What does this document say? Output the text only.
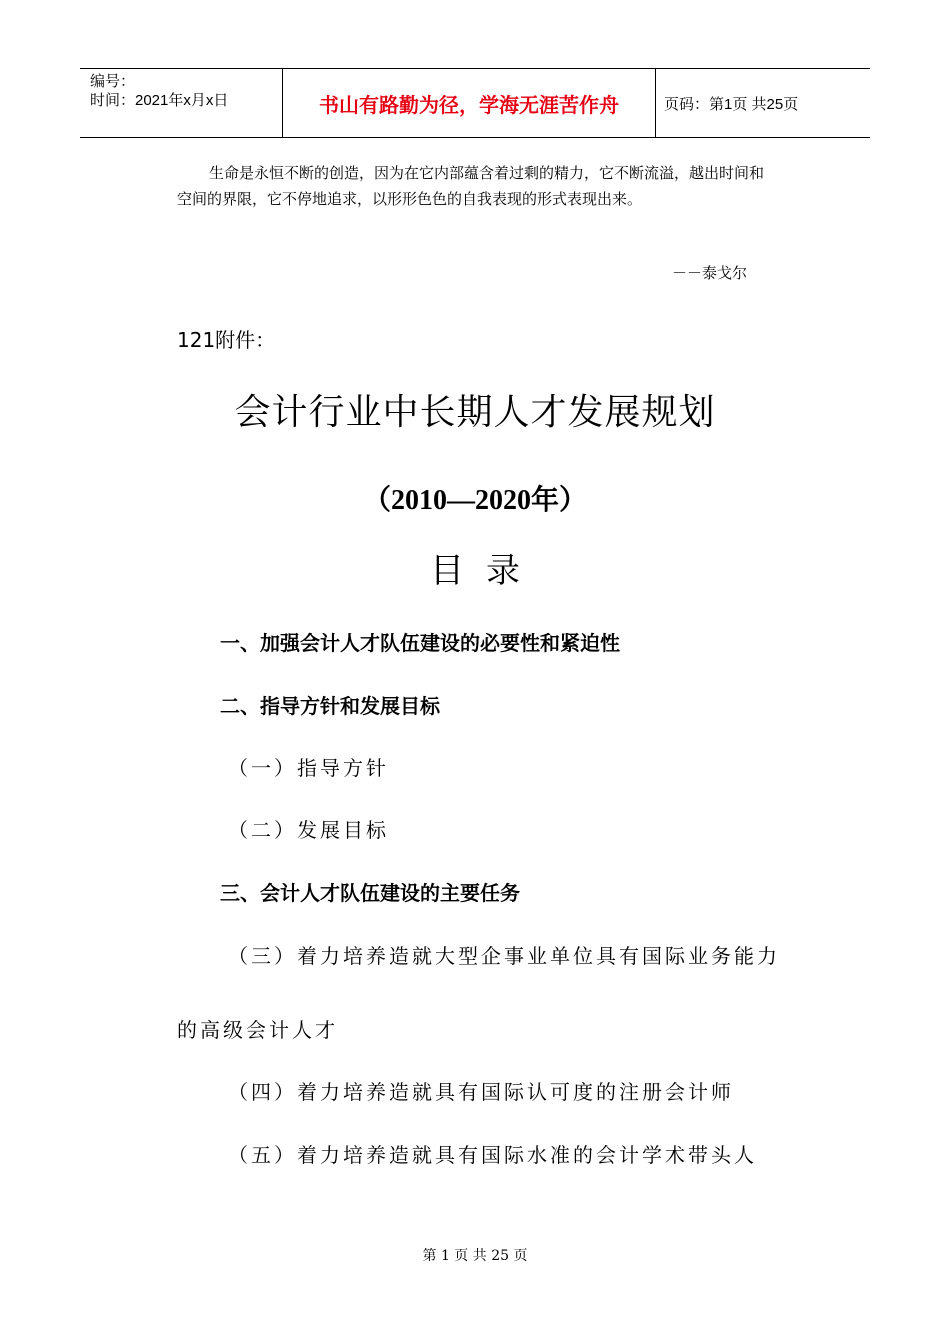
编号：
时间：2021年x月x日	书山有路勤为径，学海无涯苦作舟	页码：第1页 共25页
生命是永恒不断的创造，因为在它内部蕴含着过剩的精力，它不断流溢，越出时间和空间的界限，它不停地追求，以形形色色的自我表现的形式表现出来。
－－泰戈尔
121附件：
会计行业中长期人才发展规划
（2010—2020年）
目录
一、加强会计人才队伍建设的必要性和紧迫性
二、指导方针和发展目标
（一）指导方针
（二）发展目标
三、会计人才队伍建设的主要任务
（三）着力培养造就大型企事业单位具有国际业务能力
的高级会计人才
（四）着力培养造就具有国际认可度的注册会计师
（五）着力培养造就具有国际水准的会计学术带头人
第 1 页 共 25 页
